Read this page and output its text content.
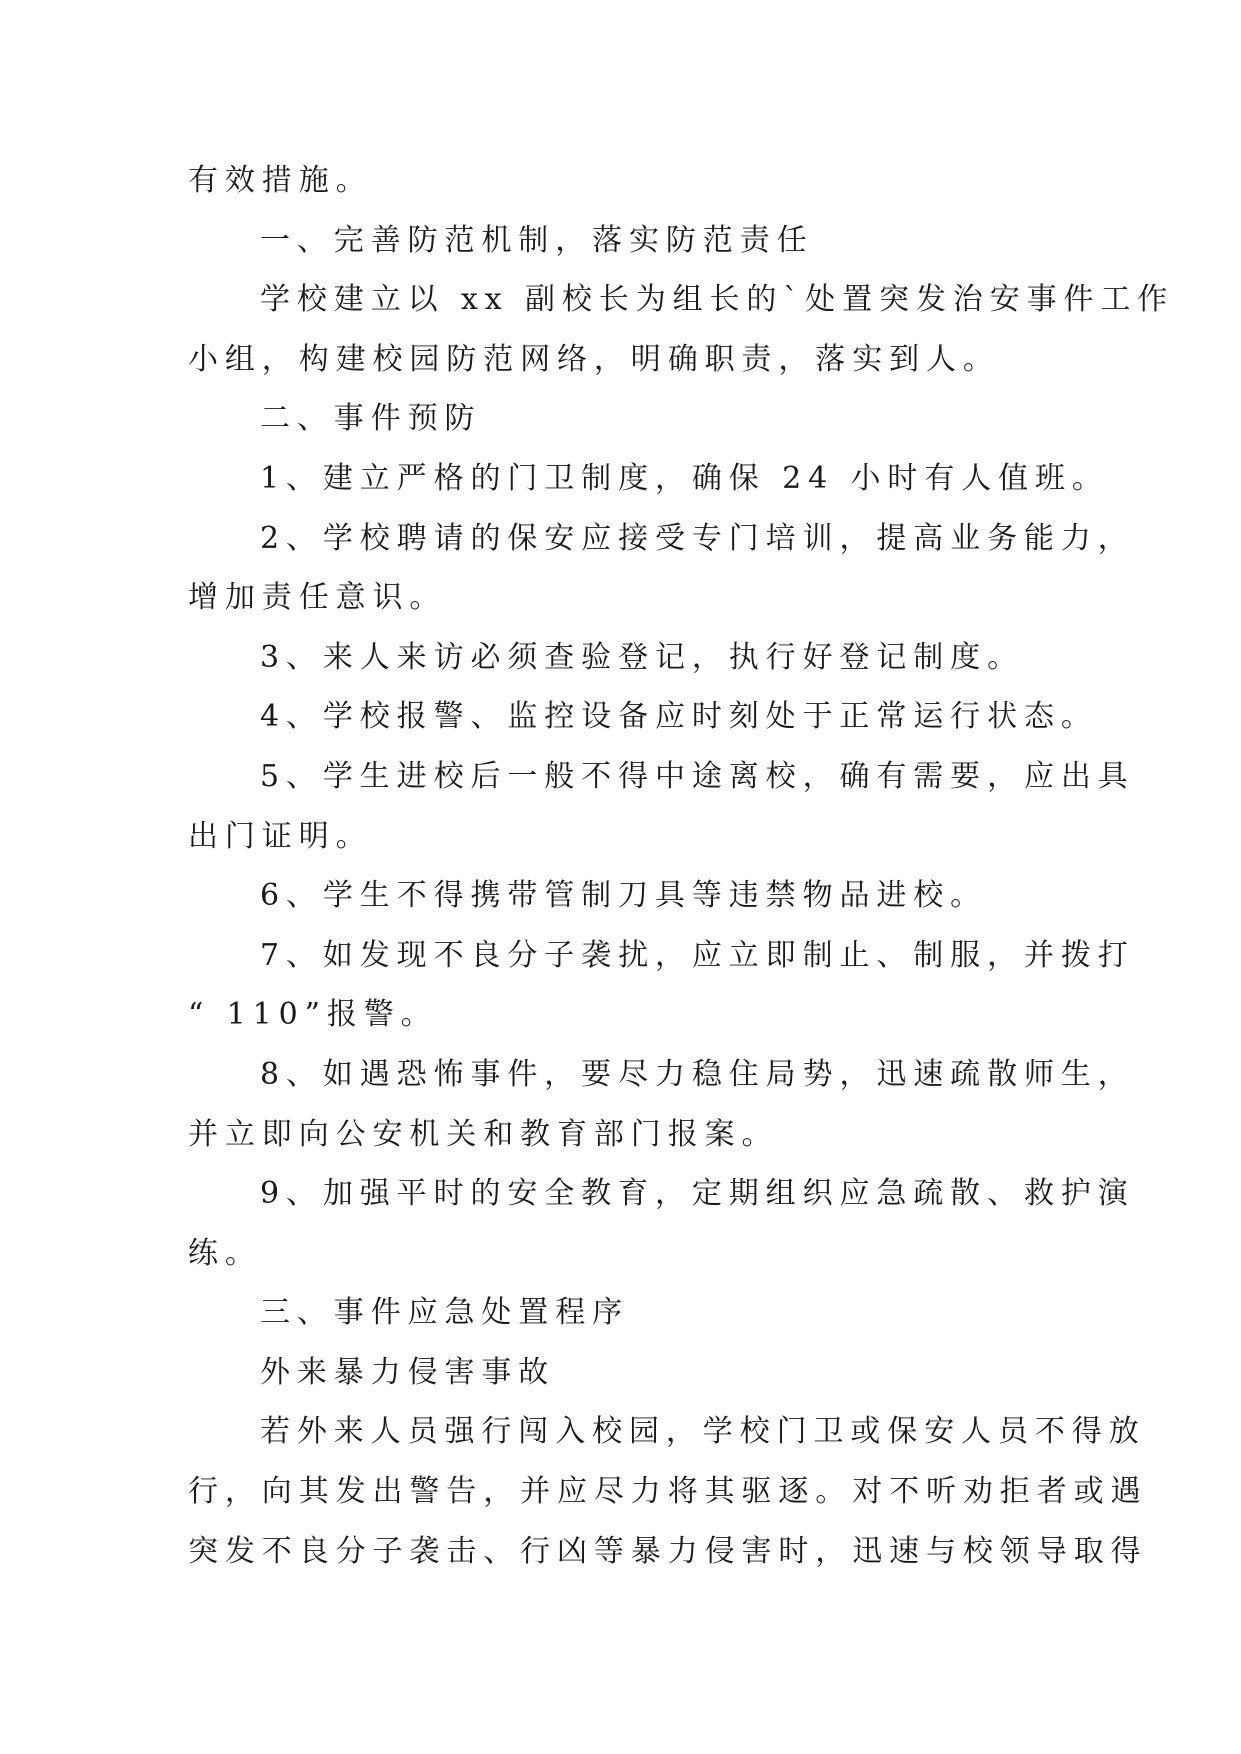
有效措施。
一、完善防范机制，落实防范责任
学校建立以 xx 副校长为组长的`处置突发治安事件工作
小组，构建校园防范网络，明确职责，落实到人。
二、事件预防
1、建立严格的门卫制度，确保 24 小时有人值班。
2、学校聘请的保安应接受专门培训，提高业务能力，
增加责任意识。
3、来人来访必须查验登记，执行好登记制度。
4、学校报警、监控设备应时刻处于正常运行状态。
5、学生进校后一般不得中途离校，确有需要，应出具
出门证明。
6、学生不得携带管制刀具等违禁物品进校。
7、如发现不良分子袭扰，应立即制止、制服，并拨打
“ 110”报警。
8、如遇恐怖事件，要尽力稳住局势，迅速疏散师生，
并立即向公安机关和教育部门报案。
9、加强平时的安全教育，定期组织应急疏散、救护演
练。
三、事件应急处置程序
外来暴力侵害事故
若外来人员强行闯入校园，学校门卫或保安人员不得放
行，向其发出警告，并应尽力将其驱逐。对不听劝拒者或遇
突发不良分子袭击、行凶等暴力侵害时，迅速与校领导取得
